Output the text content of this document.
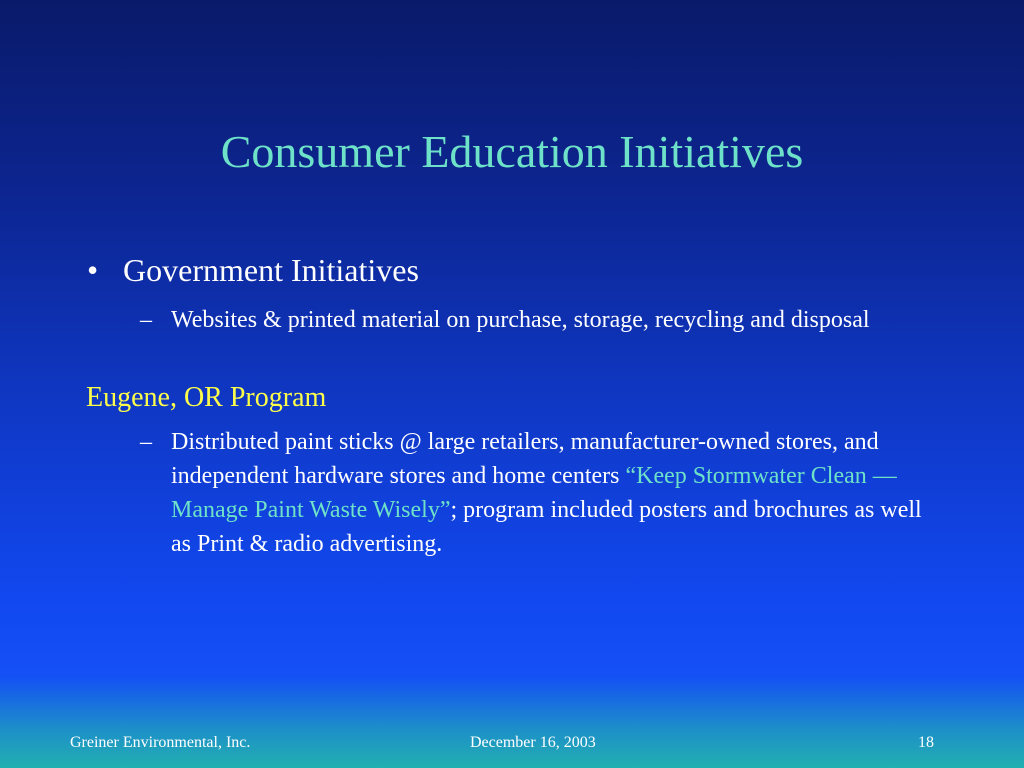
Consumer Education Initiatives
• Government Initiatives
– Websites & printed material on purchase, storage, recycling and disposal
Eugene, OR Program
– Distributed paint sticks @ large retailers, manufacturer-owned stores, and independent hardware stores and home centers “Keep Stormwater Clean — Manage Paint Waste Wisely”; program included posters and brochures as well as Print & radio advertising.
Greiner Environmental, Inc.	December 16, 2003	18
